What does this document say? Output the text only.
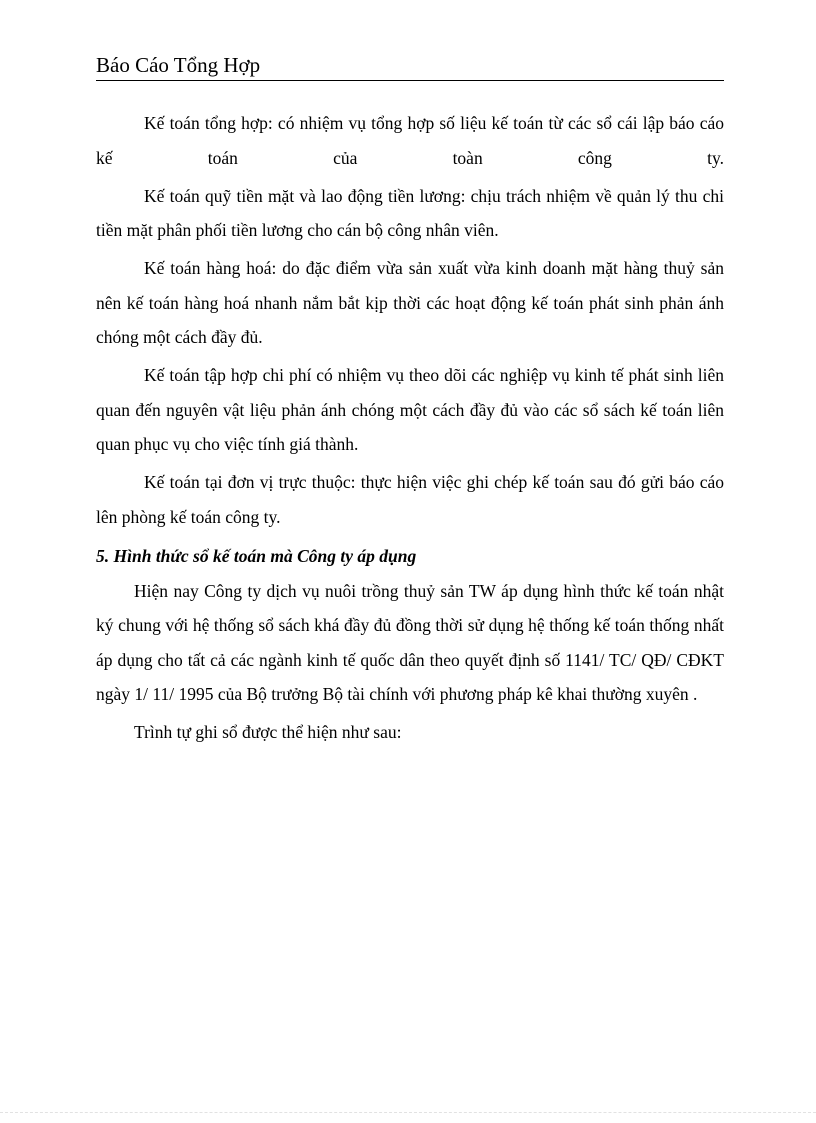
Báo Cáo Tổng Hợp

Kế toán tổng hợp: có nhiệm vụ tổng hợp số liệu kế toán từ các sổ cái lập báo cáo kế toán của toàn công ty.

Kế toán quỹ tiền mặt và lao động tiền lương: chịu trách nhiệm về quản lý thu chi tiền mặt phân phối tiền lương cho cán bộ công nhân viên.

Kế toán hàng hoá: do đặc điểm vừa sản xuất vừa kinh doanh mặt hàng thuỷ sản nên kế toán hàng hoá nhanh nắm bắt kịp thời các hoạt động kế toán phát sinh phản ánh chóng một cách đầy đủ.

Kế toán tập hợp chi phí có nhiệm vụ theo dõi các nghiệp vụ kinh tế phát sinh liên quan đến nguyên vật liệu phản ánh chóng một cách đầy đủ vào các sổ sách kế toán liên quan phục vụ cho việc tính giá thành.

Kế toán tại đơn vị trực thuộc: thực hiện việc ghi chép kế toán sau đó gửi báo cáo lên phòng kế toán công ty.

5. Hình thức sổ kế toán mà Công ty áp dụng

Hiện nay Công ty dịch vụ nuôi trồng thuỷ sản TW áp dụng hình thức kế toán nhật ký chung với hệ thống sổ sách khá đầy đủ đồng thời sử dụng hệ thống kế toán thống nhất áp dụng cho tất cả các ngành kinh tế quốc dân theo quyết định số 1141/ TC/ QĐ/ CĐKT ngày 1/ 11/ 1995 của Bộ trưởng Bộ tài chính với phương pháp kê khai thường xuyên .

Trình tự ghi sổ được thể hiện như sau:
